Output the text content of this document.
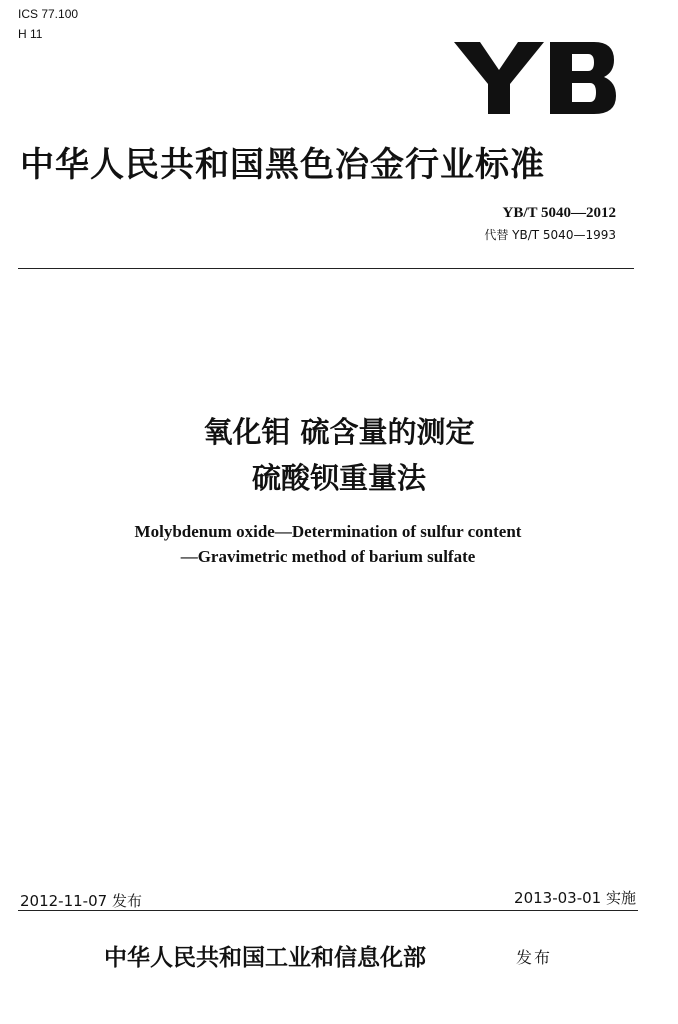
ICS 77.100
H 11
中华人民共和国黑色冶金行业标准
YB/T 5040—2012
代替 YB/T 5040—1993
氧化钼 硫含量的测定
硫酸钡重量法
Molybdenum oxide—Determination of sulfur content
—Gravimetric method of barium sulfate
2012-11-07 发布	2013-03-01 实施
中华人民共和国工业和信息化部	发布
